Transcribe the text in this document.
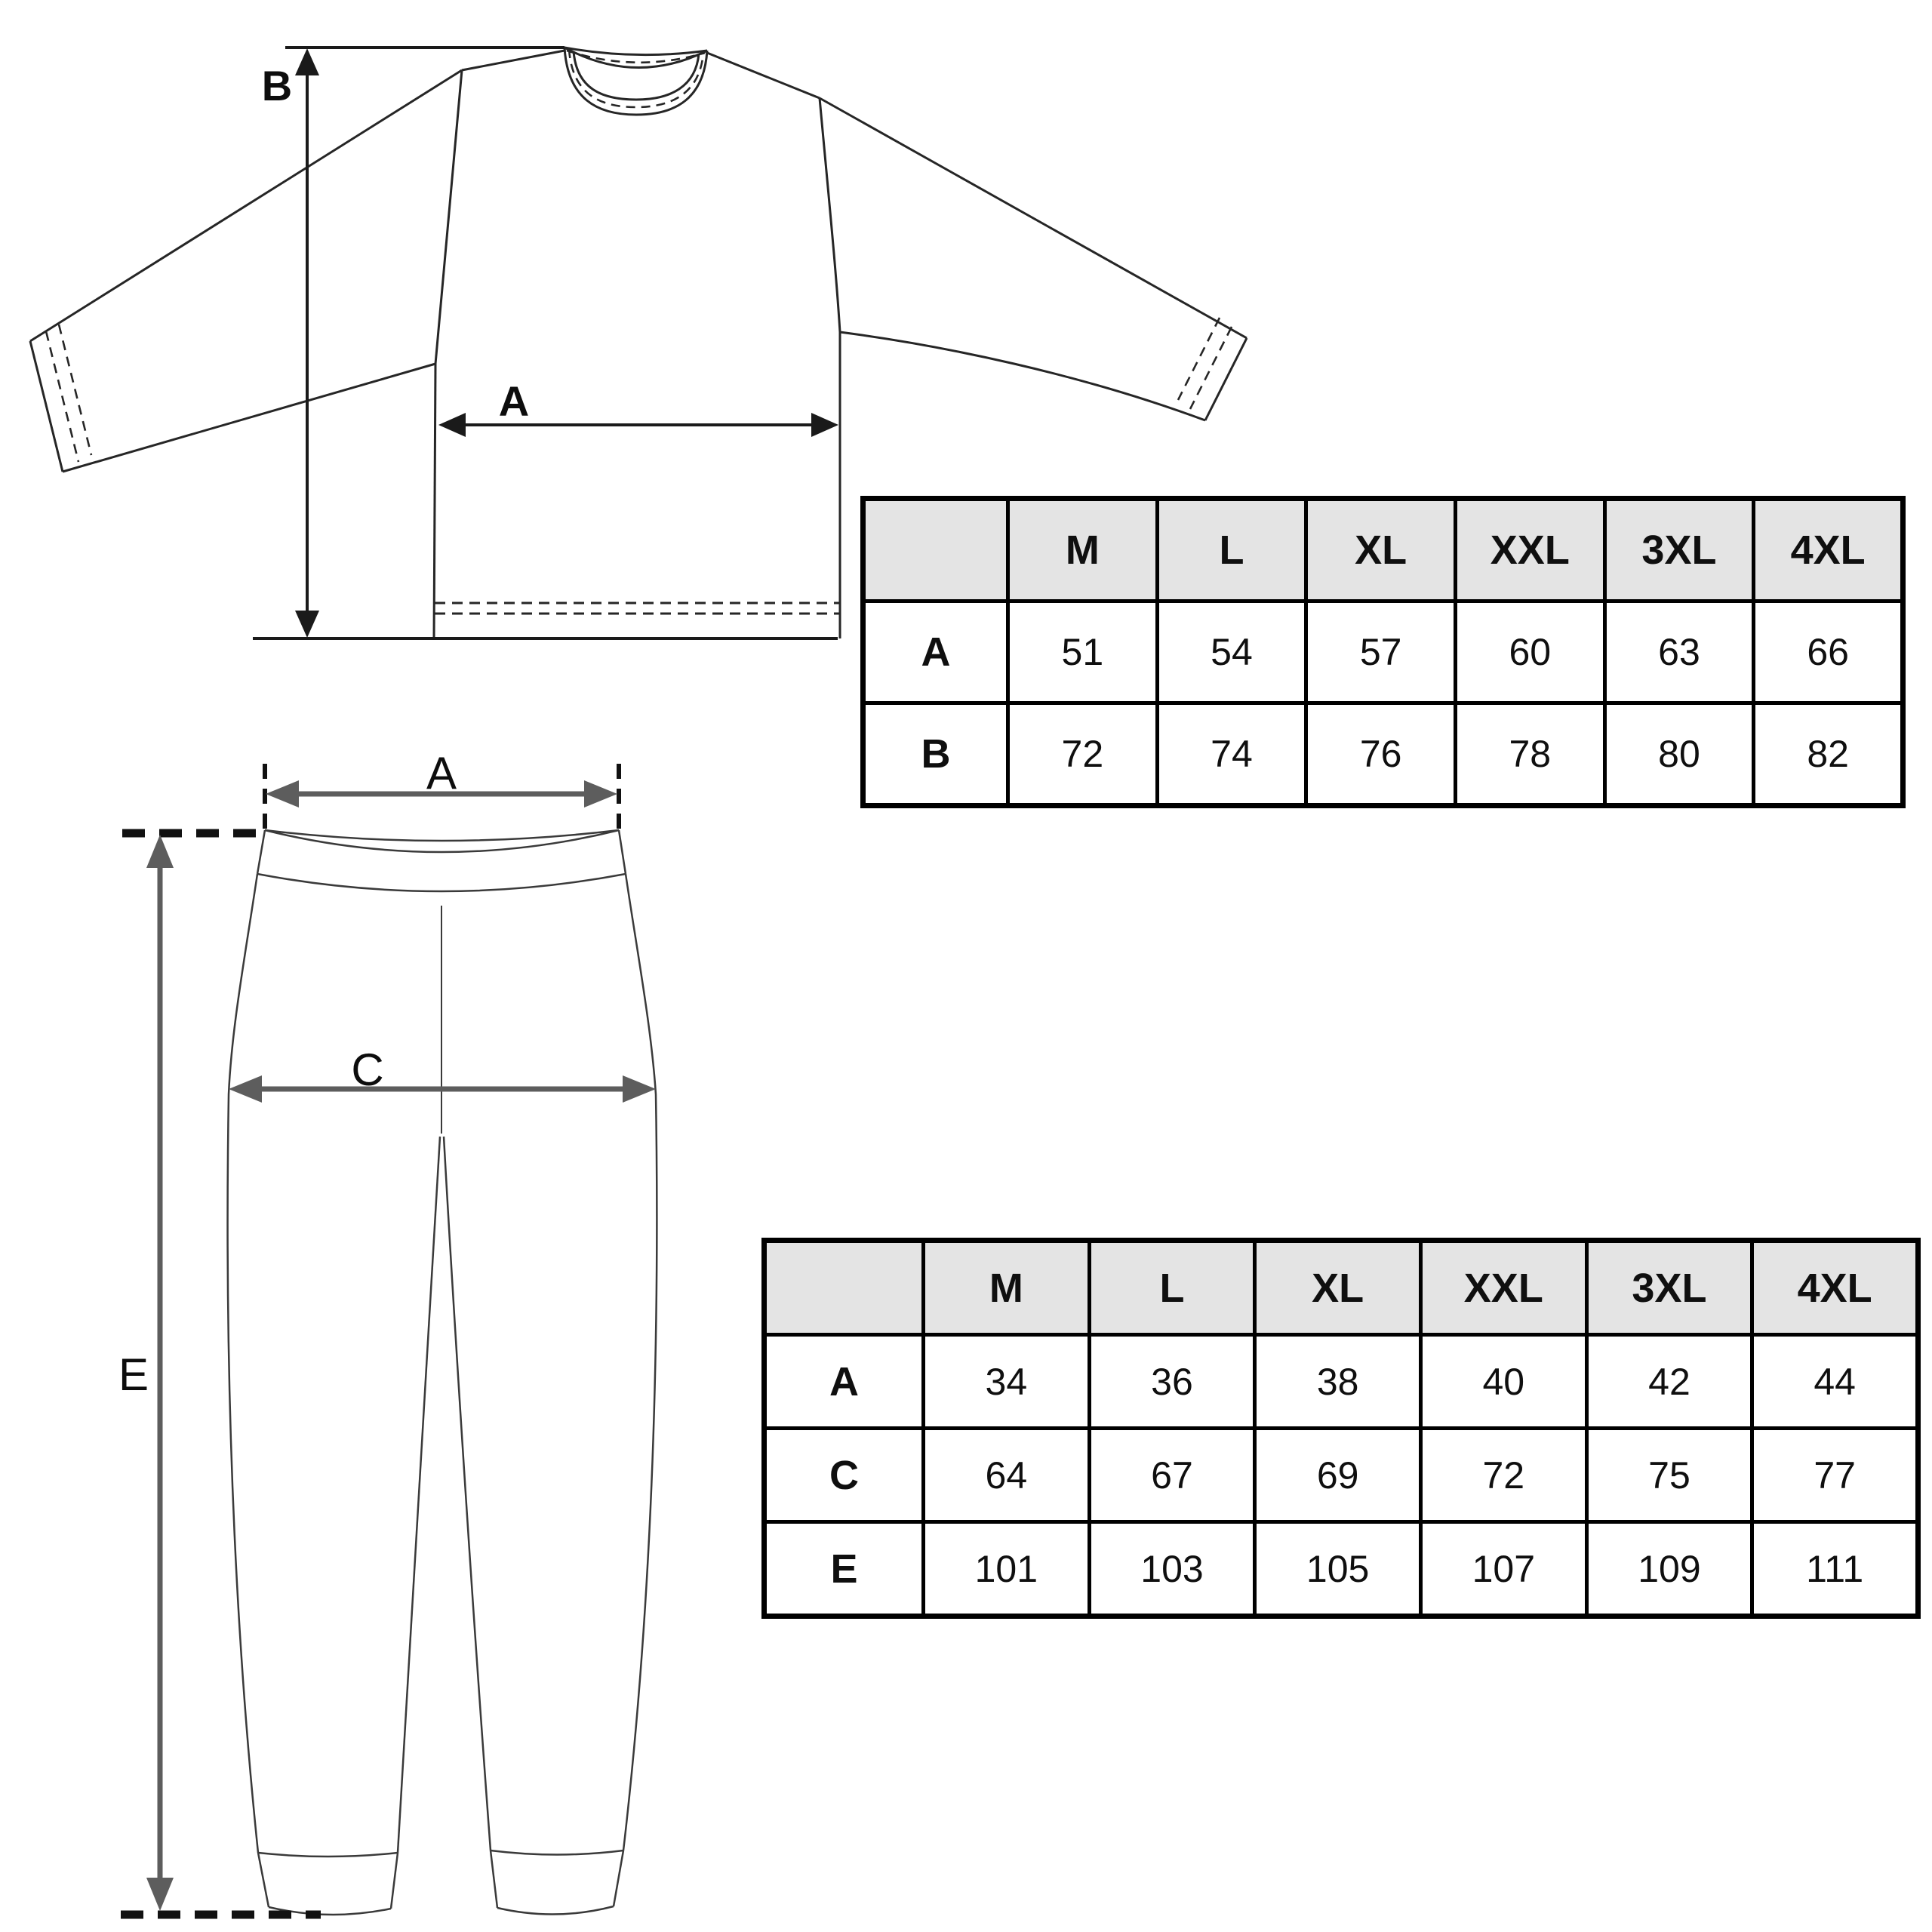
B
A
A
C
E
	M	L	XL	XXL	3XL	4XL
A	51	54	57	60	63	66
B	72	74	76	78	80	82
	M	L	XL	XXL	3XL	4XL
A	34	36	38	40	42	44
C	64	67	69	72	75	77
E	101	103	105	107	109	111
